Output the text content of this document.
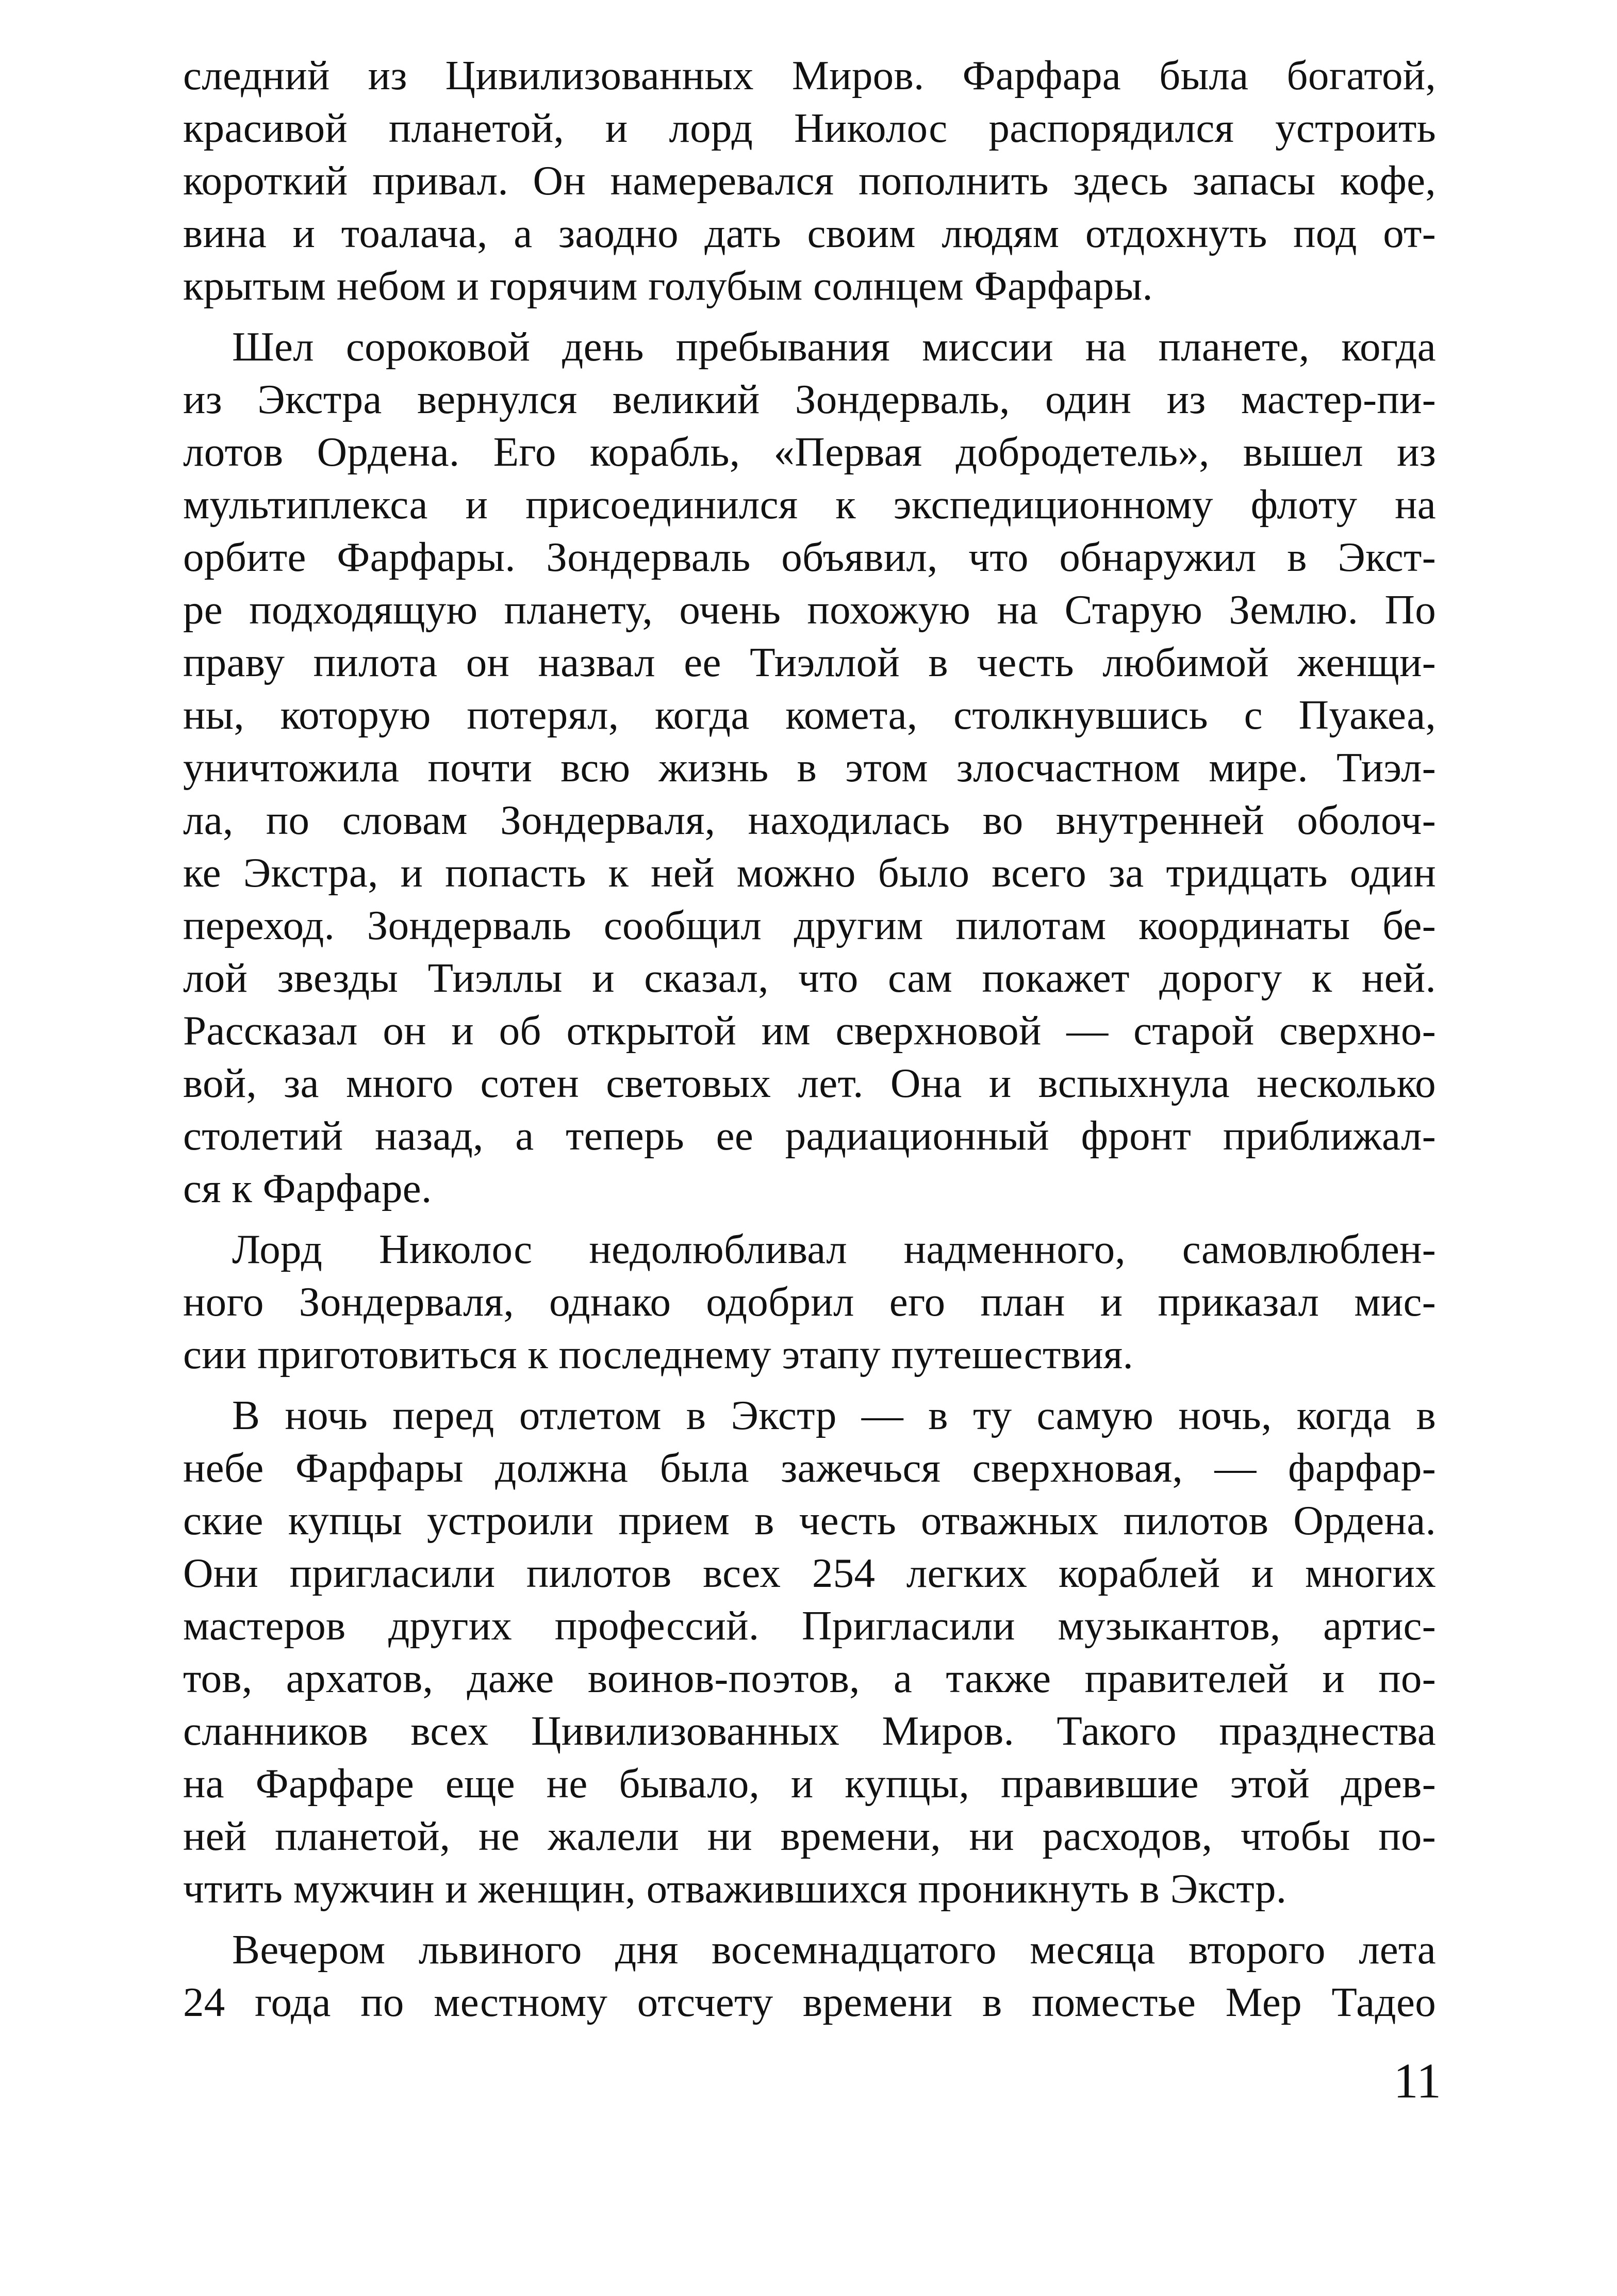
следний из Цивилизованных Миров. Фарфара была богатой,
красивой планетой, и лорд Николос распорядился устроить
короткий привал. Он намеревался пополнить здесь запасы кофе,
вина и тоалача, а заодно дать своим людям отдохнуть под от-
крытым небом и горячим голубым солнцем Фарфары.
Шел сороковой день пребывания миссии на планете, когда
из Экстра вернулся великий Зондерваль, один из мастер-пи-
лотов Ордена. Его корабль, «Первая добродетель», вышел из
мультиплекса и присоединился к экспедиционному флоту на
орбите Фарфары. Зондерваль объявил, что обнаружил в Экст-
ре подходящую планету, очень похожую на Старую Землю. По
праву пилота он назвал ее Тиэллой в честь любимой женщи-
ны, которую потерял, когда комета, столкнувшись с Пуакеа,
уничтожила почти всю жизнь в этом злосчастном мире. Тиэл-
ла, по словам Зондерваля, находилась во внутренней оболоч-
ке Экстра, и попасть к ней можно было всего за тридцать один
переход. Зондерваль сообщил другим пилотам координаты бе-
лой звезды Тиэллы и сказал, что сам покажет дорогу к ней.
Рассказал он и об открытой им сверхновой — старой сверхно-
вой, за много сотен световых лет. Она и вспыхнула несколько
столетий назад, а теперь ее радиационный фронт приближал-
ся к Фарфаре.
Лорд Николос недолюбливал надменного, самовлюблен-
ного Зондерваля, однако одобрил его план и приказал мис-
сии приготовиться к последнему этапу путешествия.
В ночь перед отлетом в Экстр — в ту самую ночь, когда в
небе Фарфары должна была зажечься сверхновая, — фарфар-
ские купцы устроили прием в честь отважных пилотов Ордена.
Они пригласили пилотов всех 254 легких кораблей и многих
мастеров других профессий. Пригласили музыкантов, артис-
тов, архатов, даже воинов-поэтов, а также правителей и по-
сланников всех Цивилизованных Миров. Такого празднества
на Фарфаре еще не бывало, и купцы, правившие этой древ-
ней планетой, не жалели ни времени, ни расходов, чтобы по-
чтить мужчин и женщин, отважившихся проникнуть в Экстр.
Вечером львиного дня восемнадцатого месяца второго лета
24 года по местному отсчету времени в поместье Мер Тадео
11
